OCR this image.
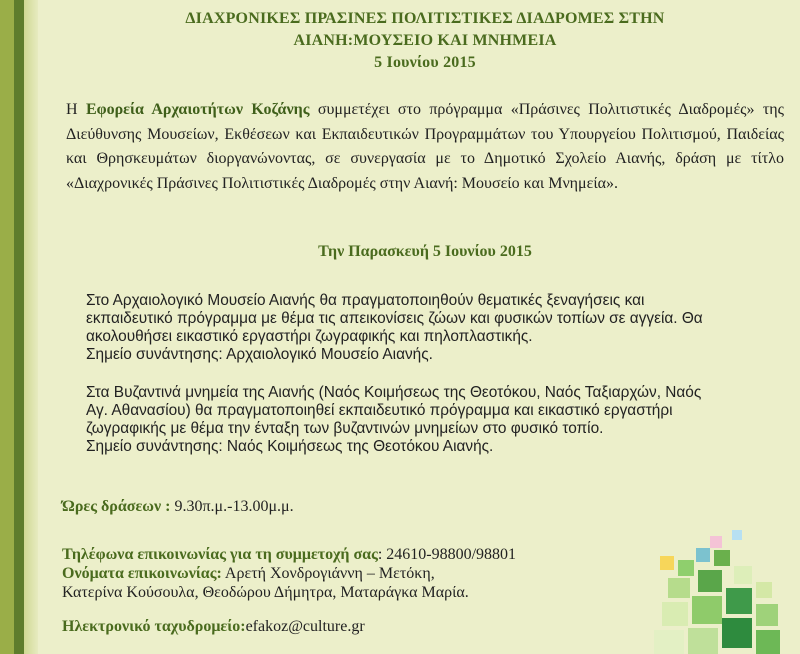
ΔΙΑΧΡΟΝΙΚΕΣ ΠΡΑΣΙΝΕΣ ΠΟΛΙΤΙΣΤΙΚΕΣ ΔΙΑΔΡΟΜΕΣ ΣΤΗΝ
ΑΙΑΝΗ:ΜΟΥΣΕΙΟ ΚΑΙ ΜΝΗΜΕΙΑ
5 Ιουνίου 2015
Η Εφορεία Αρχαιοτήτων Κοζάνης συμμετέχει στο πρόγραμμα «Πράσινες Πολιτιστικές Διαδρομές» της Διεύθυνσης Μουσείων, Εκθέσεων και Εκπαιδευτικών Προγραμμάτων του Υπουργείου Πολιτισμού, Παιδείας και Θρησκευμάτων διοργανώνοντας, σε συνεργασία με το Δημοτικό Σχολείο Αιανής, δράση με τίτλο «Διαχρονικές Πράσινες Πολιτιστικές Διαδρομές στην Αιανή: Μουσείο και Μνημεία».
Την Παρασκευή 5 Ιουνίου 2015

Στο Αρχαιολογικό Μουσείο Αιανής θα πραγματοποιηθούν θεματικές ξεναγήσεις και εκπαιδευτικό πρόγραμμα με θέμα τις απεικονίσεις ζώων και φυσικών τοπίων σε αγγεία. Θα ακολουθήσει εικαστικό εργαστήρι ζωγραφικής και πηλοπλαστικής.

Σημείο συνάντησης: Αρχαιολογικό Μουσείο Αιανής.

Στα Βυζαντινά μνημεία της Αιανής (Ναός Κοιμήσεως της Θεοτόκου, Ναός Ταξιαρχών, Ναός Αγ. Αθανασίου) θα πραγματοποιηθεί εκπαιδευτικό πρόγραμμα και εικαστικό εργαστήρι ζωγραφικής με θέμα την ένταξη των βυζαντινών μνημείων στο φυσικό τοπίο.

Σημείο συνάντησης: Ναός Κοιμήσεως της Θεοτόκου Αιανής.

Ώρες δράσεων : 9.30π.μ.-13.00μ.μ.

Τηλέφωνα επικοινωνίας για τη συμμετοχή σας: 24610-98800/98801

Ονόματα επικοινωνίας: Αρετή Χονδρογιάννη – Μετόκη,

Κατερίνα Κούσουλα, Θεοδώρου Δήμητρα, Ματαράγκα Μαρία.

Ηλεκτρονικό ταχυδρομείο:efakoz@culture.gr
